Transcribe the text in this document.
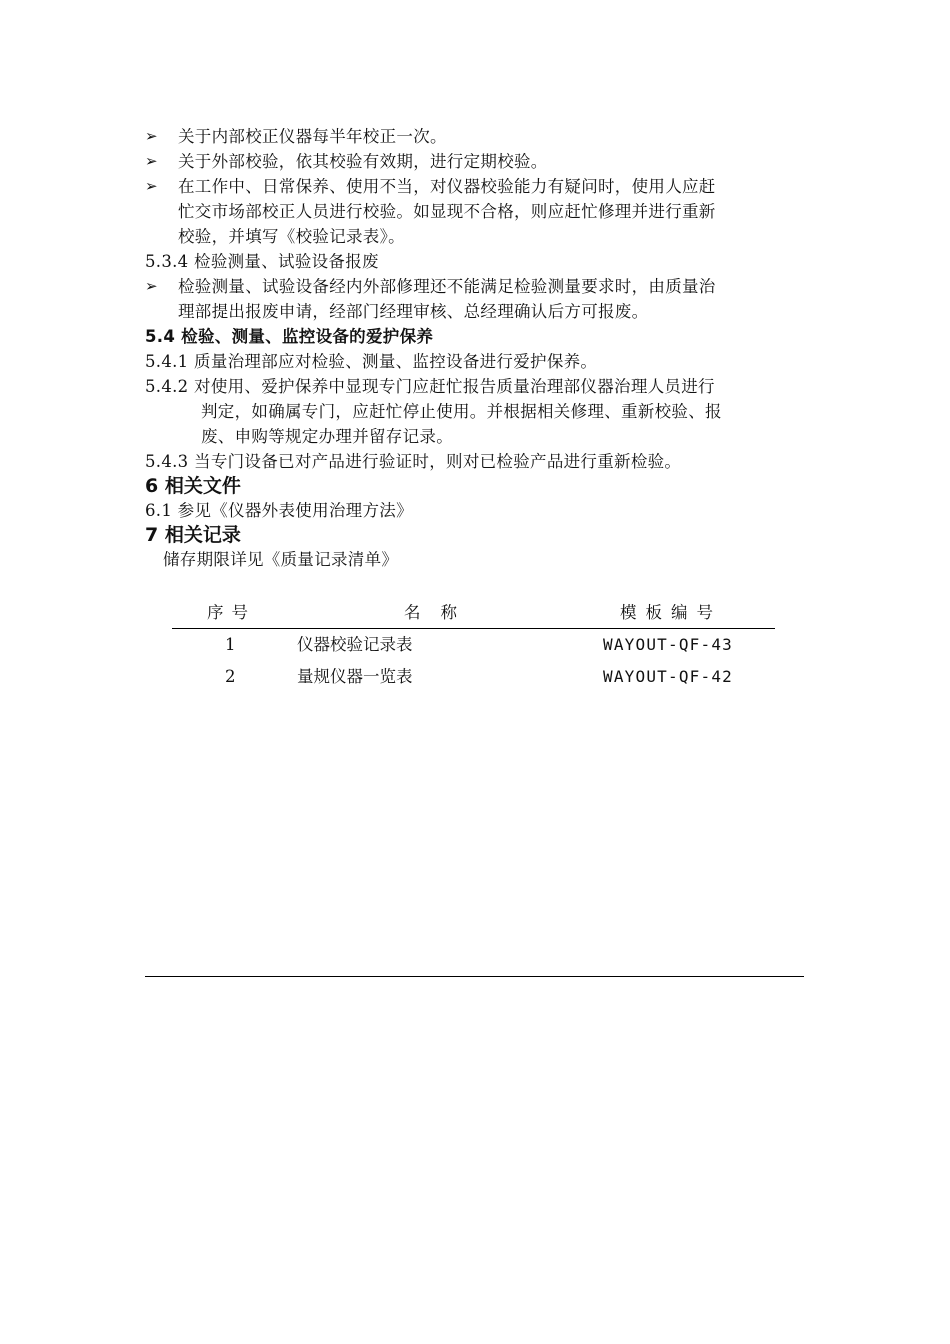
➢ 关于内部校正仪器每半年校正一次。
➢ 关于外部校验，依其校验有效期，进行定期校验。
➢ 在工作中、日常保养、使用不当，对仪器校验能力有疑问时，使用人应赶
忙交市场部校正人员进行校验。如显现不合格，则应赶忙修理并进行重新
校验，并填写《校验记录表》。
5.3.4 检验测量、试验设备报废
➢ 检验测量、试验设备经内外部修理还不能满足检验测量要求时，由质量治
理部提出报废申请，经部门经理审核、总经理确认后方可报废。
5.4 检验、测量、监控设备的爱护保养
5.4.1 质量治理部应对检验、测量、监控设备进行爱护保养。
5.4.2 对使用、爱护保养中显现专门应赶忙报告质量治理部仪器治理人员进行
判定，如确属专门，应赶忙停止使用。并根据相关修理、重新校验、报
废、申购等规定办理并留存记录。
5.4.3 当专门设备已对产品进行验证时，则对已检验产品进行重新检验。
6 相关文件
6.1 参见《仪器外表使用治理方法》
7 相关记录
储存期限详见《质量记录清单》
序号	名称	模板编号
1	仪器校验记录表	WAYOUT-QF-43
2	量规仪器一览表	WAYOUT-QF-42
